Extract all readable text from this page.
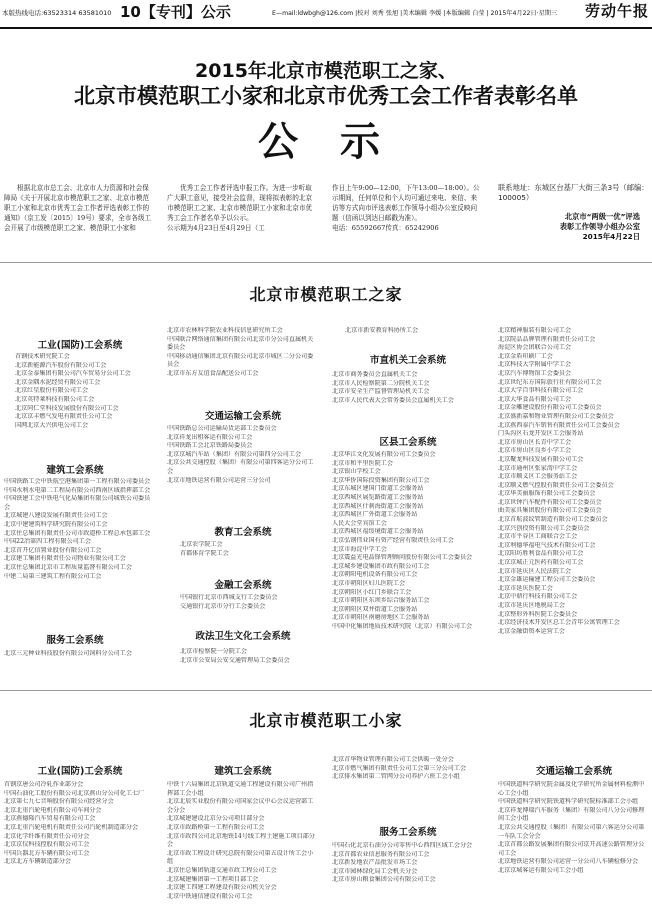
本版热线电话:63523314 63581010 10【专刊】公示	E—mail:ldwbgh@126.com |校对 刘秀 张旭 |美术编辑 李媛 |本版编辑 白莹 | 2015年4月22日·星期三 劳动午报
2015年北京市模范职工之家、
北京市模范职工小家和北京市优秀工会工作者表彰名单
公 示
根据北京市总工会、北京市人力资源和社会保障局《关于开展北京市模范职工之家、北京市模范职工小家和北京市优秀工会工作者评选表彰工作的通知》（京工发〔2015〕19号）要求，全市各级工会开展了市级模范职工之家、模范职工小家和
优秀工会工作者评选申报工作。为进一步听取广大职工意见，接受社会监督，现将拟表彰的北京市模范职工之家、北京市模范职工小家和北京市优秀工会工作者名单予以公示。
公示期为4月23日至4月29日（工
作日上午9:00—12:00，下午13:00—18:00）。公示期间，任何单位和个人均可通过来电、来信、来访等方式向市评选表彰工作领导小组办公室反映问题（信函以到达日邮戳为准）。
电话：65592667传真：65242906
联系地址：东城区台基厂大街三条3号（邮编：100005）
北京市“两级一优”评选
表彰工作领导小组办公室
2015年4月22日
北京市模范职工之家
工业(国防)工会系统
首钢技术研究院工会
北京新能源汽车股份有限公司工会
北京金泰集团有限公司汽车贸易分公司工会
北京金隅水泥经贸有限公司工会
北京红星股份有限公司工会
北京英特莱科技有限公司工会
北京同仁堂科技发展股份有限公司工会
北京京丰燃气发电有限责任公司工会
国网北京大兴供电公司工会
建筑工会系统
中国铁路工会中铁航空港集团第一工程有限公司委员会
中国水利水电第二工程局有限公司西南区域指挥部工会
中国铁建工会中铁电气化局集团有限公司城铁公司委员会
北京城建八建设发展有限责任公司工会
北京中建建筑科学研究院有限公司工会
北京住总集团有限责任公司市政道桥工程总承包部工会
中国22冶第四工程有限公司工会
北京首开亿信置业股份有限公司工会
北京建工集团有限责任公司物业有限公司工会
北京住总集团北京市工程质量监督有限公司工会
中建二局第三建筑工程有限公司工会
服务工会系统
北京三元种业科技股份有限公司饲料分公司工会
北京市农林科学院农业科技信息研究所工会
中国联合网络通信集团有限公司北京市分公司直属机关委员会
中国移动通信集团北京有限公司北京市城区二分公司委员会
北京市东方友谊食品配送公司工会
交通运输工会系统
中国铁路总公司运输局货运部工会委员会
北京祥龙出租客运有限公司工会
中国铁路工会北京铁路局委员会
北京京城汽车站（集团）有限公司第四分公司工会
北京公共交通控股（集团）有限公司第四客运分公司工会
北京市地铁运营有限公司运营三分公司
教育工会系统
北京农学院工会
首都体育学院工会
金融工会系统
中国银行北京市西城支行工会委员会
交通银行北京市分行工会委员会
政法卫生文化工会系统
北京市检察院一分院工会
北京市公安局公安交通管理局工会委员会
北京市新安教育科协所工会
市直机关工会系统
北京市商务委员会直属机关工会
北京市人民检察院第二分院机关工会
北京市安全生产监督管理局机关工会
北京市人民代表大会常务委员会直属机关工会
区县工会系统
北京华江文化发展有限公司工会委员会
北京市和平里医院工会
北京银山学校工会
北京华侨国际投资集团有限公司工会
北京东城区建国门街道工会服务站
北京西城区展览路街道工会服务站
北京西城区什刹海街道工会服务站
北京西城区广外街道工会服务站
人民大会堂宾馆工会
北京西城区福绥境街道工会服务站
北京弘钢伟业国有资产经营有限责任公司工会
北京市海淀中学工会
北京震益光电晶锋管理顾问股份有限公司工会委员会
北京城乡建设集团市政有限公司工会
北京朝阳电机设备有限公司工会
北京市朝阳区妇儿医院工会
北京朝阳区小红门乡联合工会
北京市朝阳区东坝乡综合服务站工会
北京朝阳区双井街道工会服务站
北京市朝阳区南磨房地区工会服务站
中国中化集团地质技术研究院（北京）有限公司工会
北京精神服装有限公司工会
北京院品品牌管理有限责任公司工会
海淀区协会团联合公司工会
北京金盾印刷厂工会
北京科技大学附属中学工会
北京汽车博物馆工会委员会
北京世纪东方国际旅行社有限公司工会
北京大学百事科技有限公司工会
北京大华食品有限公司工会
北京金雕建设股份有限公司工会委员会
北京盛新嘉和物业管理有限公司工会委员会
北京燕西泰汽车销售有限责任公司工会委员会
门头沟区石龙开发区工会服务站
北京市房山区长青中学工会
北京市房山区良乡小学工会
北京聚龙科技发展有限公司工会
北京市通州区张家湾中学工会
北京市顺义区工会服务站工会
北京顺义燃气控股有限责任公司工会委员会
北京华美丽服饰有限公司工会委员会
北京世钟汽车配件有限公司工会委员会
曲美家具集团股份有限公司工会委员会
北京首航波纹管制造有限公司工会委员会
北京兴创投资有限公司工会委员会
北京市平谷区工商联合会工会
北京利德华福电气技术有限公司工会
北京阳坊胜利食品有限公司工会
北京京城正元医药有限公司工会
北京市延庆区人民法院工会
北京金雄运输建工程公司工会委员会
北京市延庆医院工会
北京中鼎行科技有限公司工会
北京市延庆区地税局工会
北京整形外科医院工会委员会
北京经济技术开发区总工会青年公寓管理工会
北京金融街资本运营工会
北京市模范职工小家
工业(国防)工会系统
首钢京唐公司冷轧作业部分会
中国石油化工股份有限公司北京燕山分公司化工七厂
北京第七九七音响股份有限公司经营分会
北京北重汽轮电机有限公司车间分会
北京燕德隆汽车贸易有限公司工会
北京北重汽轮电机有限责任公司汽轮机制造部分会
北京化学纤维有限责任公司分会
北京京仪科技控股有限公司工会
中国兵器北方车辆有限公司工会
北京北方车辆制造部分会
建筑工会系统
中铁十六局集团北京轨道交通工程建设有限公司广州指挥部工会小组
北京北辰实业股份有限公司国家会议中心会议运营部工会分会
北京城建建设北京分公司项目部分会
北京市政路桥第一工程有限公司工会
北京市政四公司北京地铁14号线工程土建施工项目部分会
北京市政工程设计研究总院有限公司第五设计所工会小组
北京住总集团轨道交通市政工程公司工会
北京城建集团第一工程项目部工会
北京建工四建工程建设有限公司机关分会
北京中铁通信建设有限公司工会
北京首华物业管理有限公司工会供暖一处分会
北京市燃气集团有限责任公司工会第三分公司工会
北京排水集团第二管网分公司养护六班工会小组
服务工会系统
中国石化北京石油分公司零售中心西四区域工会分会
北京首都农业信息服务有限公司工会
北京新发地农产品批发市场工会
北京市园林绿化局工会机关分会
北京市房山粮食集团公司有限公司工会
交通运输工会系统
中国铁道科学研究院金属及化学研究所金属材料检测中心工会小组
中国铁道科学研究院铁道科学研究院标准部工会小组
北京祥龙博瑞汽车服务（集团）有限公司八分公司修理间工会小组
北京公共交通控股（集团）有限公司第六客运分公司第一车队工会分会
北京首都公路发展集团有限公司京开高速公路管理分公司工会
北京地铁运营有限公司运营一分公司八车辆检修分会
北京京城客运有限公司工会小组
